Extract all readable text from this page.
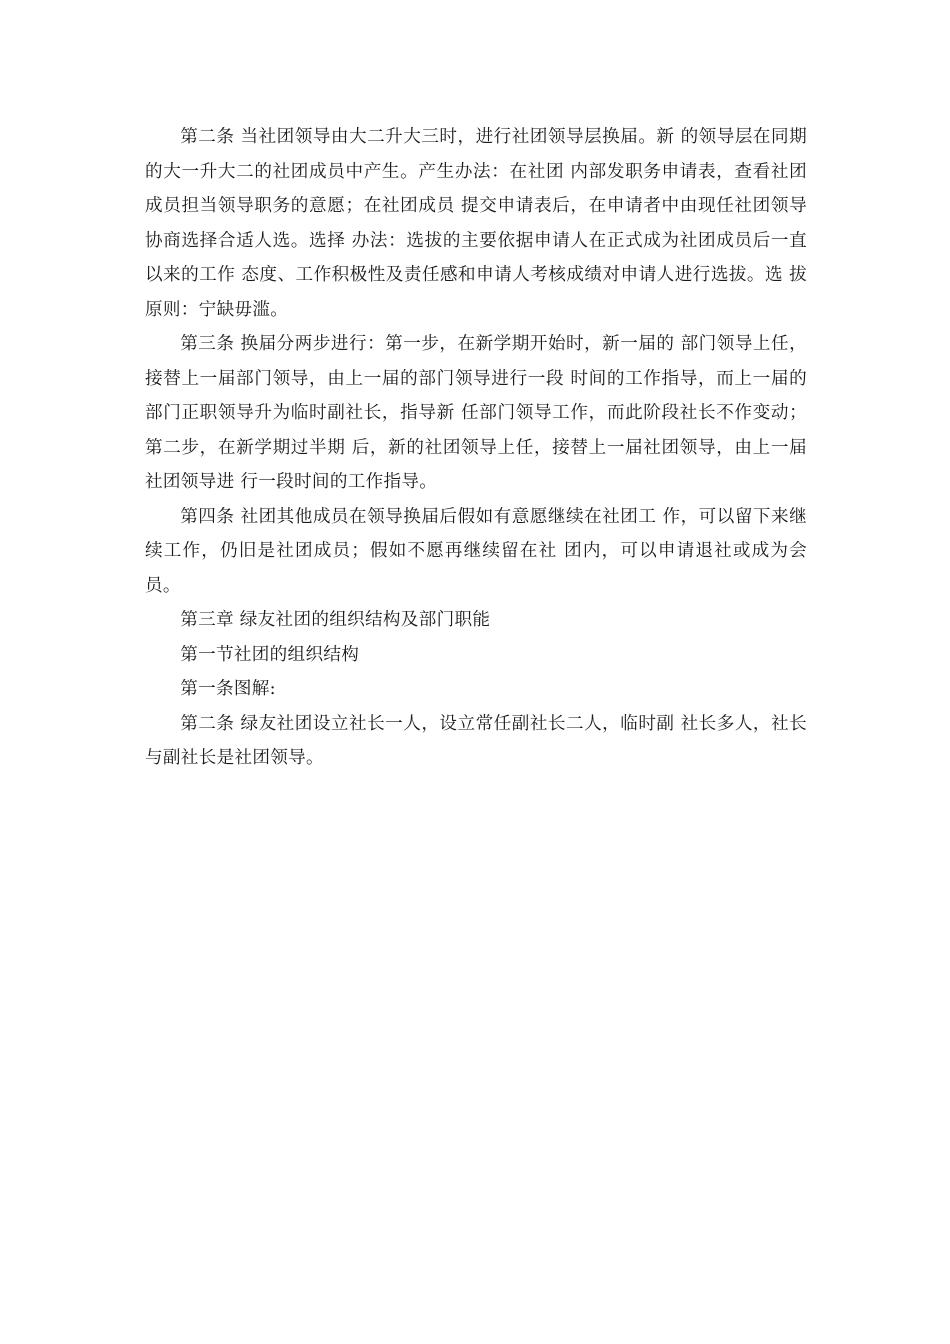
第二条 当社团领导由大二升大三时，进行社团领导层换届。新 的领导层在同期的大一升大二的社团成员中产生。产生办法：在社团 内部发职务申请表，查看社团成员担当领导职务的意愿；在社团成员 提交申请表后，在申请者中由现任社团领导协商选择合适人选。选择 办法：选拔的主要依据申请人在正式成为社团成员后一直以来的工作 态度、工作积极性及责任感和申请人考核成绩对申请人进行选拔。选 拔原则：宁缺毋滥。

第三条 换届分两步进行：第一步，在新学期开始时，新一届的 部门领导上任，接替上一届部门领导，由上一届的部门领导进行一段 时间的工作指导，而上一届的部门正职领导升为临时副社长，指导新 任部门领导工作，而此阶段社长不作变动；第二步，在新学期过半期 后，新的社团领导上任，接替上一届社团领导，由上一届社团领导进 行一段时间的工作指导。

第四条 社团其他成员在领导换届后假如有意愿继续在社团工 作，可以留下来继续工作，仍旧是社团成员；假如不愿再继续留在社 团内，可以申请退社或成为会员。

第三章 绿友社团的组织结构及部门职能

第一节社团的组织结构

第一条图解:

第二条 绿友社团设立社长一人，设立常任副社长二人，临时副 社长多人，社长与副社长是社团领导。
